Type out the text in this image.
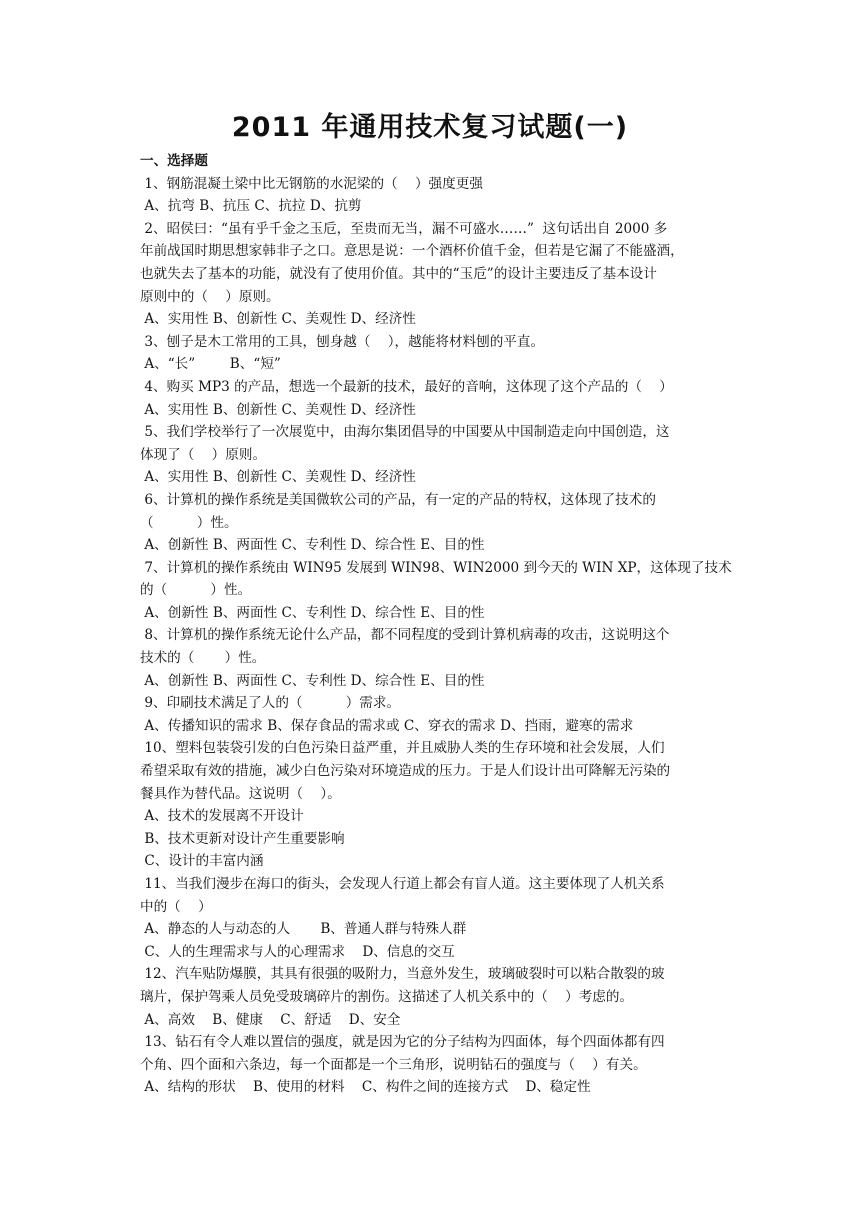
2011 年通用技术复习试题(一)
一、选择题
1、钢筋混凝土梁中比无钢筋的水泥梁的（    ）强度更强
A、抗弯 B、抗压 C、抗拉 D、抗剪
2、昭侯曰：“虽有乎千金之玉卮，至贵而无当，漏不可盛水……”  这句话出自 2000 多
年前战国时期思想家韩非子之口。意思是说：一个酒杯价值千金，但若是它漏了不能盛酒，
也就失去了基本的功能，就没有了使用价值。其中的“玉卮”的设计主要违反了基本设计
原则中的（    ）原则。
A、实用性 B、创新性 C、美观性 D、经济性
3、刨子是木工常用的工具，刨身越（    ），越能将材料刨的平直。
A、“长”        B、“短”
4、购买 MP3 的产品，想选一个最新的技术，最好的音响，这体现了这个产品的（    ）
A、实用性 B、创新性 C、美观性 D、经济性
5、我们学校举行了一次展览中，由海尔集团倡导的中国要从中国制造走向中国创造，这
体现了（    ）原则。
A、实用性 B、创新性 C、美观性 D、经济性
6、计算机的操作系统是美国微软公司的产品，有一定的产品的特权，这体现了技术的
（          ）性。
A、创新性 B、两面性 C、专利性 D、综合性 E、目的性
7、计算机的操作系统由 WIN95 发展到 WIN98、WIN2000 到今天的 WIN XP，这体现了技术
的（          ）性。
A、创新性 B、两面性 C、专利性 D、综合性 E、目的性
8、计算机的操作系统无论什么产品，都不同程度的受到计算机病毒的攻击，这说明这个
技术的（       ）性。
A、创新性 B、两面性 C、专利性 D、综合性 E、目的性
9、印刷技术满足了人的（          ）需求。
A、传播知识的需求 B、保存食品的需求或 C、穿衣的需求 D、挡雨，避寒的需求
10、塑料包装袋引发的白色污染日益严重，并且威胁人类的生存环境和社会发展，人们
希望采取有效的措施，减少白色污染对环境造成的压力。于是人们设计出可降解无污染的
餐具作为替代品。这说明（    ）。
A、技术的发展离不开设计
B、技术更新对设计产生重要影响
C、设计的丰富内涵
11、当我们漫步在海口的街头，会发现人行道上都会有盲人道。这主要体现了人机关系
中的（    ）
A、静态的人与动态的人       B、普通人群与特殊人群
C、人的生理需求与人的心理需求    D、信息的交互
12、汽车贴防爆膜，其具有很强的吸附力，当意外发生，玻璃破裂时可以粘合散裂的玻
璃片，保护驾乘人员免受玻璃碎片的割伤。这描述了人机关系中的（    ）考虑的。
A、高效    B、健康    C、舒适    D、安全
13、钻石有令人难以置信的强度，就是因为它的分子结构为四面体，每个四面体都有四
个角、四个面和六条边，每一个面都是一个三角形，说明钻石的强度与（    ）有关。
A、结构的形状    B、使用的材料    C、构件之间的连接方式    D、稳定性
